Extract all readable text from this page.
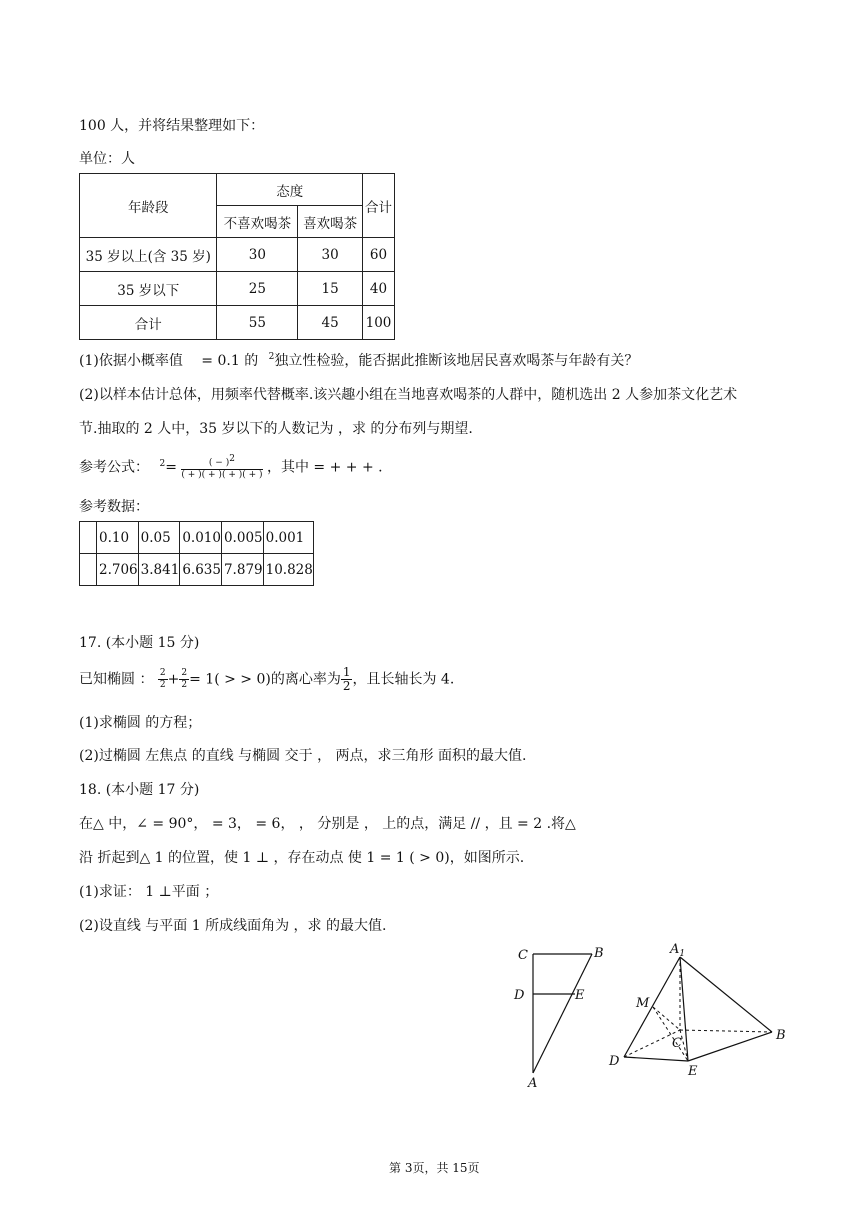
100 人，并将结果整理如下：
单位：人
年龄段	态度		合计
	不喜欢喝茶	喜欢喝茶	
35 岁以上(含 35 岁)	30	30	60
35 岁以下	25	15	40
合计	55	45	100
(1)依据小概率值 = 0.1 的 $^2$独立性检验，能否据此推断该地居民喜欢喝茶与年龄有关？
(2)以样本估计总体，用频率代替概率.该兴趣小组在当地喜欢喝茶的人群中，随机选出 2 人参加茶文化艺术
节.抽取的 2 人中，35 岁以下的人数记为 ，求 的分布列与期望.
参考公式： $^2= \frac{( - )2}{( + )( + )( + )( + )}$ ，其中 = + + + .
参考数据：
	0.10	0.05	0.010	0.005	0.001
	2.706	3.841	6.635	7.879	10.828
17. (本小题 15 分)
已知椭圆 ： $\frac{2}{2} + \frac{2}{2} = 1$( > > 0)的离心率为 $\frac{1}{2}$ ，且长轴长为 4.
(1)求椭圆 的方程；
(2)过椭圆 左焦点 的直线 与椭圆 交于 ， 两点，求三角形 面积的最大值.
18. (本小题 17 分)
在△ 中，∠ = 90°， = 3， = 6， ， 分别是 ， 上的点，满足 // ，且 = 2 .将△
沿 折起到△ 1 的位置，使 1 ⊥ ，存在动点 使 1 = 1 ( > 0)，如图所示.
(1)求证： 1 ⊥平面 ；
(2)设直线 与平面 1 所成线面角为 ，求 的最大值.
C	B
D	E
A
$A_1$
M
C
B
D
E
第 3页，共 15页
